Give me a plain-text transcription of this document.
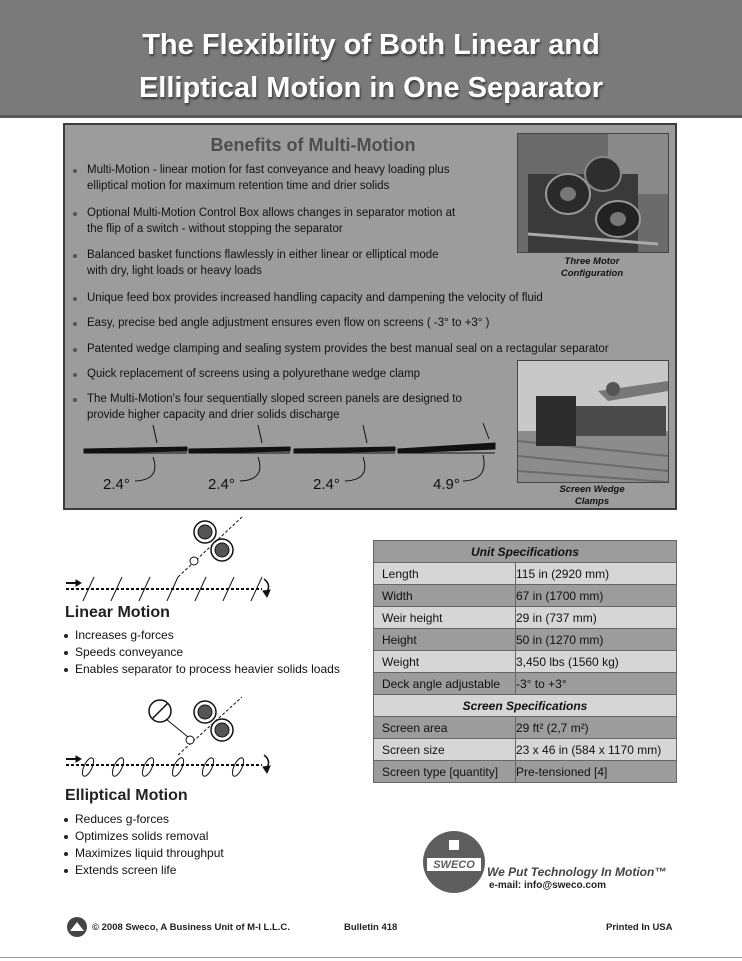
The Flexibility of Both Linear and
Elliptical Motion in One Separator
Benefits of Multi-Motion
Multi-Motion - linear motion for fast conveyance and heavy loading plus
elliptical motion for maximum retention time and drier solids
Optional Multi-Motion Control Box allows changes in separator motion at
the flip of a switch - without stopping the separator
Balanced basket functions flawlessly in either linear or elliptical mode
with dry, light loads or heavy loads
Unique feed box provides increased handling capacity and dampening the velocity of fluid
Easy, precise bed angle adjustment ensures even flow on screens ( -3° to +3° )
Patented wedge clamping and sealing system provides the best manual seal on a rectagular separator
Quick replacement of screens using a polyurethane wedge clamp
The Multi-Motion's four sequentially sloped screen panels are designed to
provide higher capacity and drier solids discharge
Three Motor
Configuration
Screen Wedge
Clamps
2.4°	2.4°	2.4°	4.9°
Linear Motion
Increases g-forces
Speeds conveyance
Enables separator to process heavier solids loads
Elliptical Motion
Reduces g-forces
Optimizes solids removal
Maximizes liquid throughput
Extends screen life
Unit Specifications	
Length	115 in (2920 mm)
Width	67 in (1700 mm)
Weir height	29 in (737 mm)
Height	50 in (1270 mm)
Weight	3,450 lbs (1560 kg)
Deck angle adjustable	-3° to +3°
Screen Specifications	
Screen area	29 ft² (2,7 m²)
Screen size	23 x 46 in (584 x 1170 mm)
Screen type [quantity]	Pre-tensioned [4]
SWECO	We Put Technology In Motion™
e-mail: info@sweco.com
© 2008 Sweco, A Business Unit of M-I L.L.C.	Bulletin 418	Printed In USA
